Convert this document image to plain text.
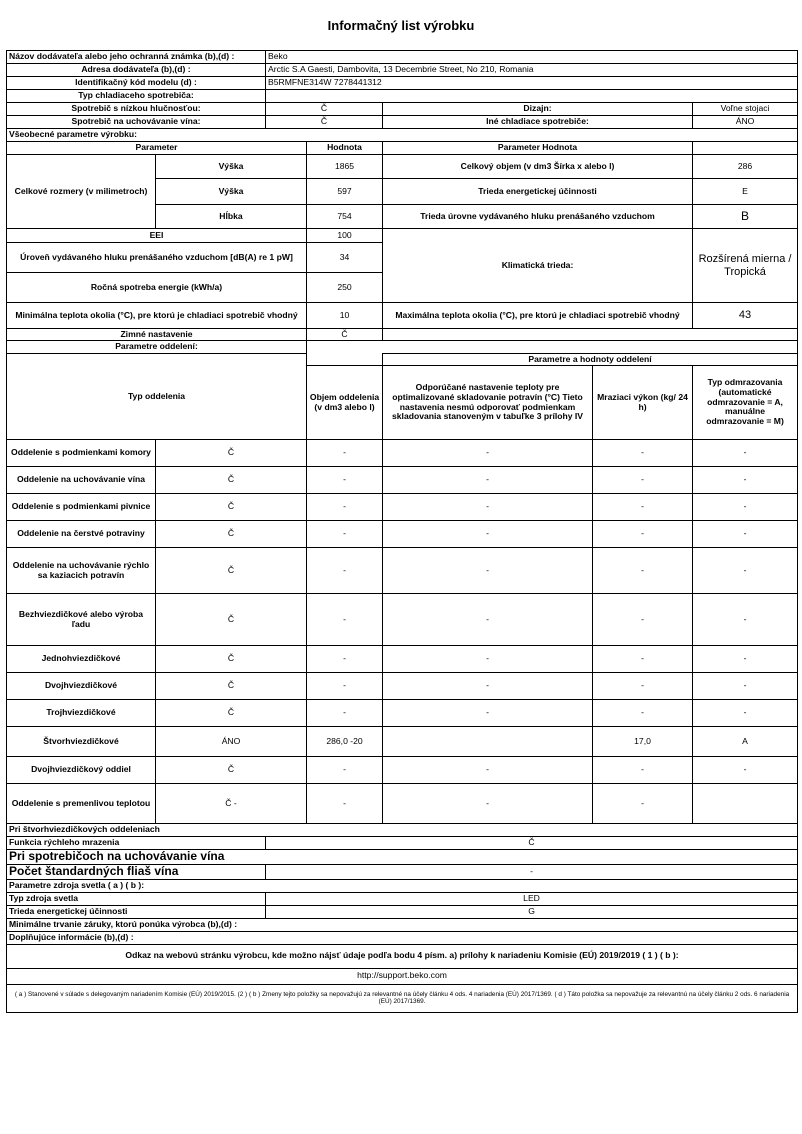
Informačný list výrobku
Názov dodávateľa alebo jeho ochranná známka (b),(d) :		Beko				
Adresa dodávateľa (b),(d) :		Arctic S.A Gaesti, Dambovita, 13 Decembrie Street, No 210, Romania				
Identifikačný kód modelu (d) :		B5RMFNE314W 7278441312				
Typ chladiaceho spotrebiča:						
Spotrebič s nízkou hlučnosťou:		Č		Dizajn:		Voľne stojaci
Spotrebič na uchovávanie vína:		Č		Iné chladiace spotrebiče:		ÁNO
Všeobecné parametre výrobku:						
Parameter			Hodnota	Parameter Hodnota		
Celkové rozmery (v milimetroch)	Výška		1865	Celkový objem (v dm3 Šírka x alebo l)		286
	Výška		597	Trieda energetickej účinnosti		E
	Hĺbka		754	Trieda úrovne vydávaného hluku prenášaného vzduchom		B
EEI			100	Klimatická trieda:		Rozšírená mierna / Tropická
Úroveň vydávaného hluku prenášaného vzduchom [dB(A) re 1 pW]			34			
Ročná spotreba energie (kWh/a)			250			
Minimálna teplota okolia (°C), pre ktorú je chladiaci spotrebič vhodný			10	Maximálna teplota okolia (°C), pre ktorú je chladiaci spotrebič vhodný		43
Zimné nastavenie			Č			
Parametre oddelení:						
Typ oddelenia				Parametre a hodnoty oddelení		
			Objem oddelenia (v dm3 alebo l)	Odporúčané nastavenie teploty pre optimalizované skladovanie potravín (°C) Tieto nastavenia nesmú odporovať podmienkam skladovania stanoveným v tabuľke 3 prílohy IV	Mraziaci výkon (kg/ 24 h)	Typ odmrazovania (automatické odmrazovanie = A, manuálne odmrazovanie = M)
Oddelenie s podmienkami komory	Č		-	-	-	-
Oddelenie na uchovávanie vína	Č		-	-	-	-
Oddelenie s podmienkami pivnice	Č		-	-	-	-
Oddelenie na čerstvé potraviny	Č		-	-	-	-
Oddelenie na uchovávanie rýchlo sa kaziacich potravín	Č		-	-	-	-
Bezhviezdičkové alebo výroba ľadu	Č		-	-	-	-
Jednohviezdičkové	Č		-	-	-	-
Dvojhviezdičkové	Č		-	-	-	-
Trojhviezdičkové	Č		-	-	-	-
Štvorhviezdičkové	ÁNO		286,0 -20		17,0	A
Dvojhviezdičkový oddiel	Č		-	-	-	-
Oddelenie s premenlivou teplotou	Č -		-	-	-	
Pri štvorhviezdičkových oddeleniach						
Funkcia rýchleho mrazenia		Č				
Pri spotrebičoch na uchovávanie vína						
Počet štandardných fliaš vína		-				
Parametre zdroja svetla ( a ) ( b ):						
Typ zdroja svetla		LED				
Trieda energetickej účinnosti		G				
Minimálne trvanie záruky, ktorú ponúka výrobca (b),(d) :						
Doplňujúce informácie (b),(d) :						
Odkaz na webovú stránku výrobcu, kde možno nájsť údaje podľa bodu 4 písm. a) prílohy k nariadeniu Komisie (EÚ) 2019/2019 ( 1 ) ( b ):						
http://support.beko.com						
( a ) Stanovené v súlade s delegovaným nariadením Komisie (EÚ) 2019/2015. (2 ) ( b ) Zmeny tejto položky sa nepovažujú za relevantné na účely článku 4 ods. 4 nariadenia (EÚ) 2017/1369. ( d ) Táto položka sa nepovažuje za relevantnú na účely článku 2 ods. 6 nariadenia (EÚ) 2017/1369.						
